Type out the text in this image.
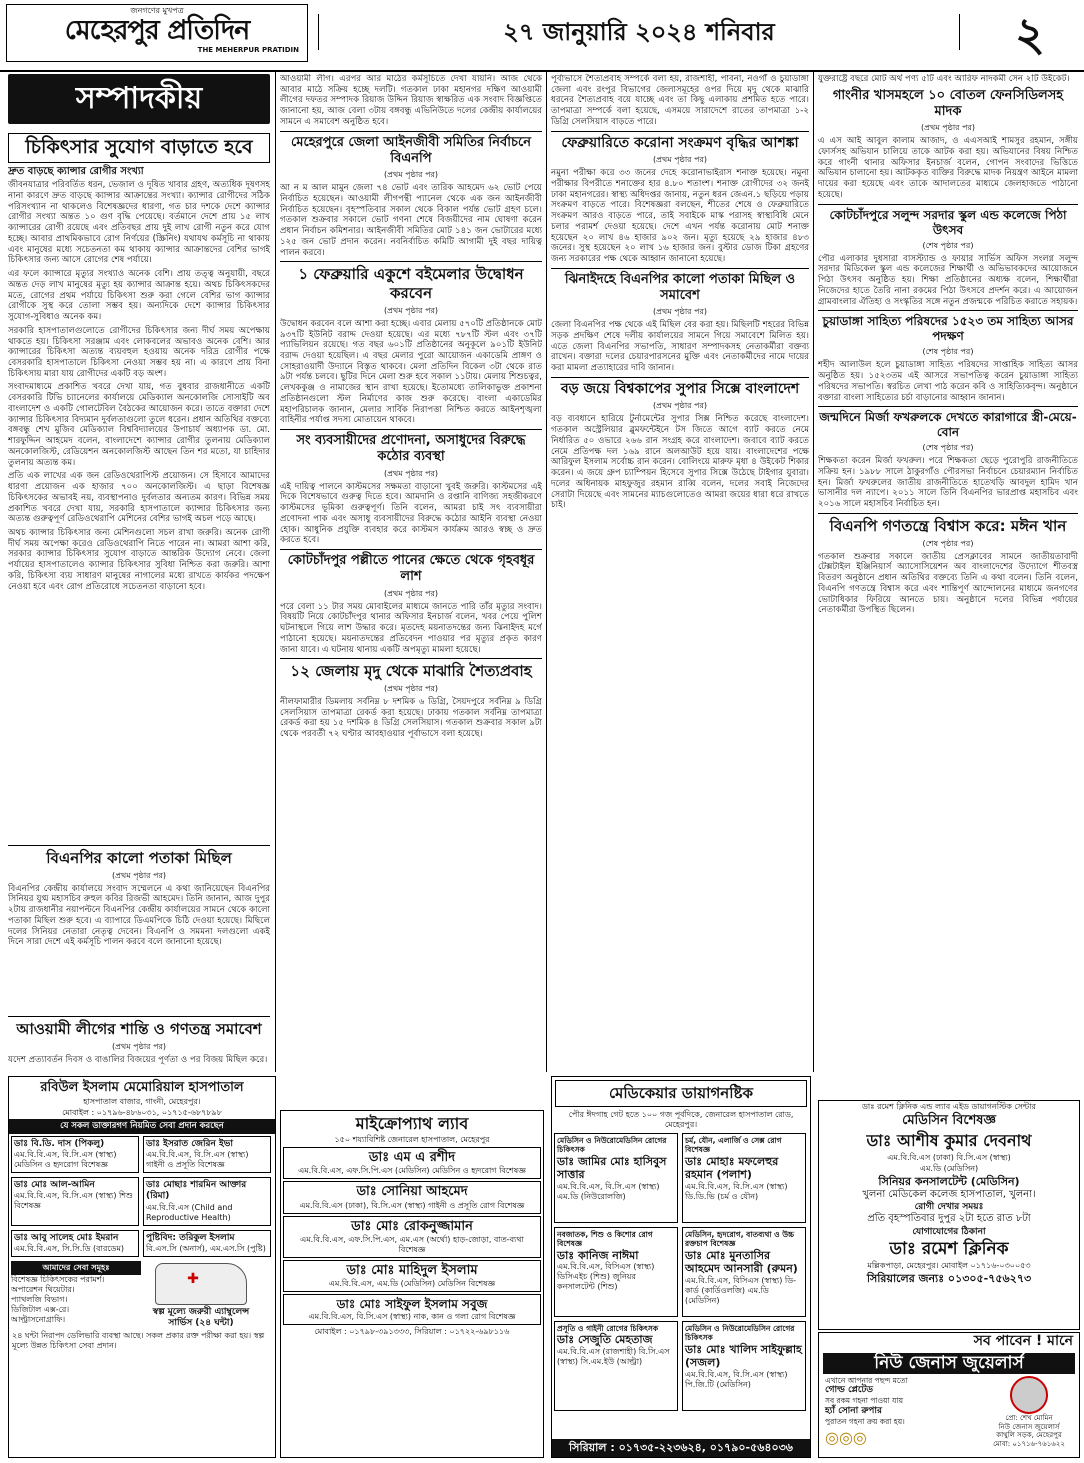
জনগণের মুখপত্র
মেহেরপুর প্রতিদিন
THE MEHERPUR PRATIDIN
২৭ জানুয়ারি ২০২৪ শনিবার	২
সম্পাদকীয়
চিকিৎসার সুযোগ বাড়াতে হবে
দ্রুত বাড়ছে ক্যান্সার রোগীর সংখ্যা

জীবনযাত্রার পরিবর্তিত ধরন, ভেজাল ও দূষিত খাবার গ্রহণ, অত্যধিক দূষণসহ নানা কারণে দ্রুত বাড়ছে ক্যান্সার আক্রান্তের সংখ্যা। ক্যান্সার রোগীদের সঠিক পরিসংখ্যান না থাকলেও বিশেষজ্ঞদের ধারণা, গত চার দশকে দেশে ক্যান্সার রোগীর সংখ্যা অন্তত ১০ গুণ বৃদ্ধি পেয়েছে। বর্তমানে দেশে প্রায় ১৫ লাখ ক্যান্সারের রোগী রয়েছে এবং প্রতিবছর প্রায় দুই লাখ রোগী নতুন করে যোগ হচ্ছে। আবার প্রাথমিকভাবে রোগ নির্ণয়ের (স্ক্রিনিং) যথাযথ কর্মসূচি না থাকায় এবং মানুষের মধ্যে সচেতনতা কম থাকায় ক্যান্সার আক্রান্তদের বেশির ভাগই চিকিৎসার জন্য আসে রোগের শেষ পর্যায়ে।

এর ফলে ক্যান্সারে মৃত্যুর সংখ্যাও অনেক বেশি। প্রায় তত্ত্ব অনুযায়ী, বছরে অন্তত দেড় লাখ মানুষের মৃত্যু হয় ক্যান্সার আক্রান্ত হয়ে। অথচ চিকিৎসকদের মতে, রোগের প্রথম পর্যায়ে চিকিৎসা শুরু করা গেলে বেশির ভাগ ক্যান্সার রোগীকে সুস্থ করে তোলা সম্ভব হয়। অন্যদিকে দেশে ক্যান্সার চিকিৎসার সুযোগ-সুবিধাও অনেক কম।

সরকারি হাসপাতালগুলোতে রোগীদের চিকিৎসার জন্য দীর্ঘ সময় অপেক্ষায় থাকতে হয়। চিকিৎসা সরঞ্জাম এবং লোকবলের অভাবও অনেক বেশি। আর ক্যান্সারের চিকিৎসা অত্যন্ত ব্যয়বহুল হওয়ায় অনেক দরিদ্র রোগীর পক্ষে বেসরকারি হাসপাতালে চিকিৎসা নেওয়া সম্ভব হয় না। এ কারণে প্রায় বিনা চিকিৎসায় মারা যায় রোগীদের একটি বড় অংশ।

সংবাদমাধ্যমে প্রকাশিত খবরে দেখা যায়, গত বুধবার রাজধানীতে একটি বেসরকারি টিভি চ্যানেলের কার্যালয়ে মেডিক্যাল অনকোলজি সোসাইটি অব বাংলাদেশ ও একটি গোলটেবিল বৈঠকের আয়োজন করে। তাতে বক্তারা দেশে ক্যান্সার চিকিৎসার বিদ্যমান দুর্বলতাগুলো তুলে ধরেন। প্রধান অতিথির বক্তব্যে বঙ্গবন্ধু শেখ মুজিব মেডিক্যাল বিশ্ববিদ্যালয়ের উপাচার্য অধ্যাপক ডা. মো. শারফুদ্দিন আহমেদ বলেন, বাংলাদেশে ক্যান্সার রোগীর তুলনায় মেডিক্যাল অনকোলজিস্ট, রেডিয়েশন অনকোলজিস্ট আছেন তিন শর মতো, যা চাহিদার তুলনায় অত্যন্ত কম।

প্রতি এক লাখের এক জন রেডিওথেরাপিস্ট প্রয়োজন। সে হিসাবে আমাদের ধারণা প্রয়োজন এক হাজার ৭০০ অনকোলজিস্ট। এ ছাড়া বিশেষজ্ঞ চিকিৎসকের অভাবই নয়, ব্যবস্থাপনাও দুর্বলতার অন্যতম কারণ। বিভিন্ন সময় প্রকাশিত খবরে দেখা যায়, সরকারি হাসপাতালে ক্যান্সার চিকিৎসার জন্য অত্যন্ত গুরুত্বপূর্ণ রেডিওথেরাপি মেশিনের বেশির ভাগই অচল পড়ে আছে।

অথচ ক্যান্সার চিকিৎসার জন্য মেশিনগুলো সচল রাখা জরুরি। অনেক রোগী দীর্ঘ সময় অপেক্ষা করেও রেডিওথেরাপি নিতে পারেন না। আমরা আশা করি, সরকার ক্যান্সার চিকিৎসার সুযোগ বাড়াতে আন্তরিক উদ্যোগ নেবে। জেলা পর্যায়ের হাসপাতালেও ক্যান্সার চিকিৎসার সুবিধা নিশ্চিত করা জরুরি। আশা করি, চিকিৎসা ব্যয় সাধারণ মানুষের নাগালের মধ্যে রাখতে কার্যকর পদক্ষেপ নেওয়া হবে এবং রোগ প্রতিরোধে সচেতনতা বাড়ানো হবে।

বিএনপির কালো পতাকা মিছিল
(প্রথম পৃষ্ঠার পর)

বিএনপির কেন্দ্রীয় কার্যালয়ে সংবাদ সম্মেলনে এ কথা জানিয়েছেন বিএনপির সিনিয়র যুগ্ম মহাসচিব রুহুল কবির রিজভী আহমেদ। তিনি জানান, আজ দুপুর ২টায় রাজধানীর নয়াপল্টনে বিএনপির কেন্দ্রীয় কার্যালয়ের সামনে থেকে কালো পতাকা মিছিল শুরু হবে। এ ব্যাপারে ডিএমপিকে চিঠি দেওয়া হয়েছে। মিছিলে দলের সিনিয়র নেতারা নেতৃত্ব দেবেন। বিএনপি ও সমমনা দলগুলো একই দিনে সারা দেশে এই কর্মসূচি পালন করবে বলে জানানো হয়েছে।

আওয়ামী লীগের শান্তি ও গণতন্ত্র সমাবেশ
(প্রথম পৃষ্ঠার পর)

যদেশ প্রত্যাবর্তন দিবস ও বাঙালির বিজয়ের পূর্ণতা ও পর বিজয় মিছিল করে।

আওয়ামী লীগ। এরপর আর মাঠের কর্মসূচিতে দেখা যায়নি। আজ থেকে আবার মাঠে সক্রিয় হচ্ছে দলটি। গতকাল ঢাকা মহানগর দক্ষিণ আওয়ামী লীগের দফতর সম্পাদক রিয়াজ উদ্দিন রিয়াজ স্বাক্ষরিত এক সংবাদ বিজ্ঞপ্তিতে জানানো হয়, আজ বেলা ৩টায় বঙ্গবন্ধু এভিনিউতে দলের কেন্দ্রীয় কার্যালয়ের সামনে এ সমাবেশ অনুষ্ঠিত হবে।

মেহেরপুরে জেলা আইনজীবী সমিতির নির্বাচনে বিএনপি
(প্রথম পৃষ্ঠার পর)

আ ন ম আল মামুন জেলা ৭৪ ভোট এবং তারিক আহমেদ ৬২ ভোট পেয়ে নির্বাচিত হয়েছেন। আওয়ামী লীগপন্থী প্যানেল থেকে এক জন আইনজীবী নির্বাচিত হয়েছেন। বৃহস্পতিবার সকাল থেকে বিকাল পর্যন্ত ভোট গ্রহণ চলে। গতকাল শুক্রবার সকালে ভোট গণনা শেষে বিজয়ীদের নাম ঘোষণা করেন প্রধান নির্বাচন কমিশনার। আইনজীবী সমিতির মোট ১৪১ জন ভোটারের মধ্যে ১২৫ জন ভোট প্রদান করেন। নবনির্বাচিত কমিটি আগামী দুই বছর দায়িত্ব পালন করবে।

১ ফেব্রুয়ারি একুশে বইমেলার উদ্বোধন করবেন
(প্রথম পৃষ্ঠার পর)

উদ্বোধন করবেন বলে আশা করা হচ্ছে। এবার মেলায় ৫৭০টি প্রতিষ্ঠানকে মোট ৯৩৭টি ইউনিট বরাদ্দ দেওয়া হয়েছে। এর মধ্যে ৭৮৭টি স্টল এবং ৩৭টি প্যাভিলিয়ন রয়েছে। গত বছর ৬০১টি প্রতিষ্ঠানের অনুকূলে ৯০১টি ইউনিট বরাদ্দ দেওয়া হয়েছিল। এ বছর মেলার পুরো আয়োজন একাডেমি প্রাঙ্গণ ও সোহরাওয়ার্দী উদ্যানে বিস্তৃত থাকবে। মেলা প্রতিদিন বিকেল ৩টা থেকে রাত ৯টা পর্যন্ত চলবে। ছুটির দিনে মেলা শুরু হবে সকাল ১১টায়। মেলায় শিশুচত্বর, লেখককুঞ্জ ও নামাজের স্থান রাখা হয়েছে। ইতোমধ্যে তালিকাভুক্ত প্রকাশনা প্রতিষ্ঠানগুলো স্টল নির্মাণের কাজ শুরু করেছে। বাংলা একাডেমির মহাপরিচালক জানান, মেলার সার্বিক নিরাপত্তা নিশ্চিত করতে আইনশৃঙ্খলা বাহিনীর পর্যাপ্ত সদস্য মোতায়েন থাকবে।

সং ব্যবসায়ীদের প্রণোদনা, অসাধুদের বিরুদ্ধে কঠোর ব্যবস্থা
(প্রথম পৃষ্ঠার পর)

এই দায়িত্ব পালনে কাস্টমসের সক্ষমতা বাড়ানো খুবই জরুরি। কাস্টমসের এই দিকে বিশেষভাবে গুরুত্ব দিতে হবে। আমদানি ও রপ্তানি বাণিজ্য সহজীকরণে কাস্টমসের ভূমিকা গুরুত্বপূর্ণ। তিনি বলেন, আমরা চাই সৎ ব্যবসায়ীরা প্রণোদনা পাক এবং অসাধু ব্যবসায়ীদের বিরুদ্ধে কঠোর আইনি ব্যবস্থা নেওয়া হোক। আধুনিক প্রযুক্তি ব্যবহার করে কাস্টমস কার্যক্রম আরও স্বচ্ছ ও দ্রুত করতে হবে।

কোটচাঁদপুর পল্লীতে পানের ক্ষেতে থেকে গৃহবধূর লাশ
(প্রথম পৃষ্ঠার পর)

পরে বেলা ১১ টার সময় মোবাইলের মাধ্যমে জানতে পারি তাঁর মৃত্যুর সংবাদ। বিষয়টি নিয়ে কোটচাঁদপুর থানার অফিসার ইনচার্জ বলেন, খবর পেয়ে পুলিশ ঘটনাস্থলে গিয়ে লাশ উদ্ধার করে। মৃতদেহ ময়নাতদন্তের জন্য ঝিনাইদহ মর্গে পাঠানো হয়েছে। ময়নাতদন্তের প্রতিবেদন পাওয়ার পর মৃত্যুর প্রকৃত কারণ জানা যাবে। এ ঘটনায় থানায় একটি অপমৃত্যু মামলা হয়েছে।

১২ জেলায় মৃদু থেকে মাঝারি শৈত্যপ্রবাহ
(প্রথম পৃষ্ঠার পর)

নীলফামারীর ডিমলায় সর্বনিম্ন ৮ দশমিক ৬ ডিগ্রি, সৈয়দপুরে সর্বনিম্ন ৯ ডিগ্রি সেলসিয়াস তাপমাত্রা রেকর্ড করা হয়েছে। ঢাকায় গতকাল সর্বনিম্ন তাপমাত্রা রেকর্ড করা হয় ১৫ দশমিক ৪ ডিগ্রি সেলসিয়াস। গতকাল শুক্রবার সকাল ৯টা থেকে পরবর্তী ৭২ ঘণ্টার আবহাওয়ার পূর্বাভাসে বলা হয়েছে।

পূর্বাভাসে শৈত্যপ্রবাহ সম্পর্কে বলা হয়, রাজশাহী, পাবনা, নওগাঁ ও চুয়াডাঙ্গা জেলা এবং রংপুর বিভাগের জেলাসমূহের ওপর দিয়ে মৃদু থেকে মাঝারি ধরনের শৈত্যপ্রবাহ বয়ে যাচ্ছে এবং তা কিছু এলাকায় প্রশমিত হতে পারে। তাপমাত্রা সম্পর্কে বলা হয়েছে, এসময়ে সারাদেশে রাতের তাপমাত্রা ১-২ ডিগ্রি সেলসিয়াস বাড়তে পারে।

ফেব্রুয়ারিতে করোনা সংক্রমণ বৃদ্ধির আশঙ্কা
(প্রথম পৃষ্ঠার পর)

নমুনা পরীক্ষা করে ৩৩ জনের দেহে করোনাভাইরাস শনাক্ত হয়েছে। নমুনা পরীক্ষার বিপরীতে শনাক্তের হার ৪.৮০ শতাংশ। শনাক্ত রোগীদের ৩২ জনই ঢাকা মহানগরের। স্বাস্থ্য অধিদপ্তর জানায়, নতুন ধরন জেএন.১ ছড়িয়ে পড়ায় সংক্রমণ বাড়তে পারে। বিশেষজ্ঞরা বলছেন, শীতের শেষে ও ফেব্রুয়ারিতে সংক্রমণ আরও বাড়তে পারে, তাই সবাইকে মাস্ক পরাসহ স্বাস্থ্যবিধি মেনে চলার পরামর্শ দেওয়া হয়েছে। দেশে এখন পর্যন্ত করোনায় মোট শনাক্ত হয়েছেন ২০ লাখ ৪৬ হাজার ৯০২ জন। মৃত্যু হয়েছে ২৯ হাজার ৪৮৩ জনের। সুস্থ হয়েছেন ২০ লাখ ১৬ হাজার জন। বুস্টার ডোজ টিকা গ্রহণের জন্য সরকারের পক্ষ থেকে আহ্বান জানানো হয়েছে।

ঝিনাইদহে বিএনপির কালো পতাকা মিছিল ও সমাবেশ
(প্রথম পৃষ্ঠার পর)

জেলা বিএনপির পক্ষ থেকে এই মিছিল বের করা হয়। মিছিলটি শহরের বিভিন্ন সড়ক প্রদক্ষিণ শেষে দলীয় কার্যালয়ের সামনে গিয়ে সমাবেশে মিলিত হয়। এতে জেলা বিএনপির সভাপতি, সাধারণ সম্পাদকসহ নেতাকর্মীরা বক্তব্য রাখেন। বক্তারা দলের চেয়ারপারসনের মুক্তি এবং নেতাকর্মীদের নামে দায়ের করা মামলা প্রত্যাহারের দাবি জানান।

বড় জয়ে বিশ্বকাপের সুপার সিক্সে বাংলাদেশ
(প্রথম পৃষ্ঠার পর)

বড় ব্যবধানে হারিয়ে টুর্নামেন্টের সুপার সিক্স নিশ্চিত করেছে বাংলাদেশ। গতকাল অস্ট্রেলিয়ার ব্লুমফন্টেইনে টস জিতে আগে ব্যাট করতে নেমে নির্ধারিত ৫০ ওভারে ২৬৬ রান সংগ্রহ করে বাংলাদেশ। জবাবে ব্যাট করতে নেমে প্রতিপক্ষ দল ১৬৯ রানে অলআউট হয়ে যায়। বাংলাদেশের পক্ষে আরিফুল ইসলাম সর্বোচ্চ রান করেন। বোলিংয়ে মারুফ মৃধা ৪ উইকেট শিকার করেন। এ জয়ে গ্রুপ চ্যাম্পিয়ন হিসেবে সুপার সিক্সে উঠেছে টাইগার যুবারা। দলের অধিনায়ক মাহফুজুর রহমান রাব্বি বলেন, দলের সবাই নিজেদের সেরাটা দিয়েছে এবং সামনের ম্যাচগুলোতেও আমরা জয়ের ধারা ধরে রাখতে চাই।

যুক্তরাষ্ট্রে বছরে মোট অর্থ পণ্য ৫টি এবং আরিফ নাদকর্মী সেন ২টি উইকেট।

গাংনীর খাসমহলে ১০ বোতল ফেনসিডিলসহ মাদক
(প্রথম পৃষ্ঠার পর)

এ এস আই আবুল কালাম আজাদ, ও এএসআই শামসুর রহমান, সঙ্গীয় ফোর্সসহ অভিযান চালিয়ে তাকে আটক করা হয়। অভিযানের বিষয় নিশ্চিত করে গাংনী থানার অফিসার ইনচার্জ বলেন, গোপন সংবাদের ভিত্তিতে অভিযান চালানো হয়। আটককৃত ব্যক্তির বিরুদ্ধে মাদক নিয়ন্ত্রণ আইনে মামলা দায়ের করা হয়েছে এবং তাকে আদালতের মাধ্যমে জেলহাজতে পাঠানো হয়েছে।

কোটচাঁদপুরে সলুন্দ সরদার স্কুল এন্ড কলেজে পিঠা উৎসব
(শেষ পৃষ্ঠার পর)

পৌর এলাকার দুধসারা বাসস্ট্যান্ড ও ফায়ার সার্ভিস অফিস সংলগ্ন সলুন্দ সরদার মিডিকেল স্কুল এন্ড কলেজের শিক্ষার্থী ও অভিভাবকদের আয়োজনে পিঠা উৎসব অনুষ্ঠিত হয়। শিক্ষা প্রতিষ্ঠানের অধ্যক্ষ বলেন, শিক্ষার্থীরা নিজেদের হাতে তৈরি নানা রকমের পিঠা উৎসবে প্রদর্শন করে। এ আয়োজন গ্রামবাংলার ঐতিহ্য ও সংস্কৃতির সঙ্গে নতুন প্রজন্মকে পরিচিত করাতে সহায়ক।

চুয়াডাঙ্গা সাহিত্য পরিষদের ১৫২৩ তম সাহিত্য আসর পদক্ষণ
(শেষ পৃষ্ঠার পর)

শহীদ আলাউল হলে চুয়াডাঙ্গা সাহিত্য পরিষদের সাপ্তাহিক সাহিত্য আসর অনুষ্ঠিত হয়। ১৫২৩তম এই আসরে সভাপতিত্ব করেন চুয়াডাঙ্গা সাহিত্য পরিষদের সভাপতি। স্বরচিত লেখা পাঠ করেন কবি ও সাহিত্যিকবৃন্দ। অনুষ্ঠানে বক্তারা বাংলা সাহিত্যের চর্চা বাড়ানোর আহ্বান জানান।

জন্মদিনে মির্জা ফখরুলকে দেখতে কারাগারে স্ত্রী-মেয়ে-বোন
(শেষ পৃষ্ঠার পর)

শিক্ষকতা করেন মির্জা ফখরুল। পরে শিক্ষকতা ছেড়ে পুরোপুরি রাজনীতিতে সক্রিয় হন। ১৯৮৮ সালে ঠাকুরগাঁও পৌরসভা নির্বাচনে চেয়ারম্যান নির্বাচিত হন। মির্জা ফখরুলের জাতীয় রাজনীতিতে হাতেখড়ি আবদুল হামিদ খান ভাসানীর দল ন্যাপে। ২০১১ সালে তিনি বিএনপির ভারপ্রাপ্ত মহাসচিব এবং ২০১৬ সালে মহাসচিব নির্বাচিত হন।

বিএনপি গণতন্ত্রে বিশ্বাস করে: মঈন খান
(শেষ পৃষ্ঠার পর)

গতকাল শুক্রবার সকালে জাতীয় প্রেসক্লাবের সামনে জাতীয়তাবাদী টেক্সটাইল ইঞ্জিনিয়ার্স অ্যাসোসিয়েশন অব বাংলাদেশের উদ্যোগে শীতবস্ত্র বিতরণ অনুষ্ঠানে প্রধান অতিথির বক্তব্যে তিনি এ কথা বলেন। তিনি বলেন, বিএনপি গণতন্ত্রে বিশ্বাস করে এবং শান্তিপূর্ণ আন্দোলনের মাধ্যমে জনগণের ভোটাধিকার ফিরিয়ে আনতে চায়। অনুষ্ঠানে দলের বিভিন্ন পর্যায়ের নেতাকর্মীরা উপস্থিত ছিলেন।

রবিউল ইসলাম মেমোরিয়াল হাসপাতাল
হাসপাতাল বাজার, গাংনী, মেহেরপুর।
মোবাইল : ০১৭৯৬-৪৮৬০৩১, ০১৭১৫-৬৮৭৮৯৮
যে সকল ডাক্তারগণ নিয়মিত সেবা প্রদান করছেন
ডাঃ বি.ডি. দাস (পিকলু)
এম.বি.বি.এস, বি.সি.এস (স্বাস্থ্য) মেডিসিন ও হৃদরোগ বিশেষজ্ঞ
ডাঃ ইসরাত জেরিন ইভা
এম.বি.বি.এস, বি.সি.এস (স্বাস্থ্য) গাইনী ও প্রসূতি বিশেষজ্ঞ
ডাঃ মোঃ আল-আমিন
এম.বি.বি.এস, বি.সি.এস (স্বাস্থ্য) শিশু বিশেষজ্ঞ
ডাঃ মোছাঃ শারমিন আক্তার (রিমা)
এম.বি.বি.এস (Child and Reproductive Health)
ডাঃ আবু সালেহ মোঃ ইমরান
এম.বি.বি.এস, সি.সি.ডি (বারডেম)
পুষ্টিবিদ: তরিকুল ইসলাম
বি.এস.সি (অনার্স), এম.এস.সি (পুষ্টি)
আমাদের সেবা সমূহঃ
বিশেষজ্ঞ চিকিৎসকের পরামর্শ।
অপারেশন থিয়েটার।
প্যাথলজি বিভাগ।
ডিজিটাল এক্স-রে।
আল্ট্রাসনোগ্রাফি।
✚
স্বল্প মূল্যে জরুরী এ্যাম্বুলেন্স সার্ভিস (২৪ ঘন্টা)
২৪ ঘন্টা নিরাপদ ডেলিভারি ব্যবস্থা আছে। সকল প্রকার রক্ত পরীক্ষা করা হয়। স্বল্প মূল্যে উন্নত চিকিৎসা সেবা প্রদান।
মাইক্রোপ্যাথ ল্যাব
১৫০ শয্যাবিশিষ্ট জেনারেল হাসপাতাল, মেহেরপুর
ডাঃ এম এ রশীদ
এম.বি.বি.এস, এফ.সি.পি.এস (মেডিসিন) মেডিসিন ও হৃদরোগ বিশেষজ্ঞ
ডাঃ সোনিয়া আহমেদ
এম.বি.বি.এস (ঢাকা), বি.সি.এস (স্বাস্থ্য) গাইনী ও প্রসূতি রোগ বিশেষজ্ঞ
ডাঃ মোঃ রোকনুজ্জামান
এম.বি.বি.এস, এফ.সি.পি.এস, এম.এস (অর্থো) হাড়-জোড়া, বাত-ব্যথা বিশেষজ্ঞ
ডাঃ মোঃ মাহিদুল ইসলাম
এম.বি.বি.এস, এম.ডি (মেডিসিন) মেডিসিন বিশেষজ্ঞ
ডাঃ মোঃ সাইফুল ইসলাম সবুজ
এম.বি.বি.এস, বি.সি.এস (স্বাস্থ্য) নাক, কান ও গলা রোগ বিশেষজ্ঞ
মোবাইল : ০১৭৯৮-৩৯১৩৩৩, সিরিয়াল : ০১৭২২-৬৯৮১১৬
মেডিকেয়ার ডায়াগনষ্টিক
পৌর ঈদগাহ গেট হতে ১০০ গজ পূর্বদিকে, জেনারেল হাসপাতাল রোড, মেহেরপুর।
মেডিসিন ও নিউরোমেডিসিন রোগের চিকিৎসক
ডাঃ জামির মোঃ হাসিবুস সাত্তার
এম.বি.বি.এস, বি.সি.এস (স্বাস্থ্য) এম.ডি (নিউরোলজি)
চর্ম, যৌন, এলার্জি ও সেক্স রোগ বিশেষজ্ঞ
ডাঃ মোহাঃ মফলেহুর রহমান (পলাশ)
এম.বি.বি.এস, বি.সি.এস (স্বাস্থ্য) ডি.ডি.ভি (চর্ম ও যৌন)
নবজাতক, শিশু ও কিশোর রোগ বিশেষজ্ঞ
ডাঃ কানিজ নাঈমা
এম.বি.বি.এস, বিসিএস (স্বাস্থ্য) ডিসিএইচ (শিশু) জুনিয়র কনসালটেন্ট (শিশু)
মেডিসিন, হৃদরোগ, বাতব্যথা ও উচ্চ রক্তচাপ বিশেষজ্ঞ
ডাঃ মোঃ মুনতাসির আহমেদ আনসারী (রুমন)
এম.বি.বি.এস, বিসিএস (স্বাস্থ্য) ডি-কার্ড (কার্ডিওলজি) এম.ডি (মেডিসিন)
প্রসূতি ও গাইনী রোগের চিকিৎসক
ডাঃ সেজুতি মেহতাজ
এম.বি.বি.এস (রাজশাহী) বি.সি.এস (স্বাস্থ্য) সি.এম.ইউ (আল্ট্রা)
মেডিসিন ও নিউরোমেডিসিন রোগের চিকিৎসক
ডাঃ মোঃ খালিদ সাইফুল্লাহ (সজল)
এম.বি.বি.এস, বি.সি.এস (স্বাস্থ্য) পি.জি.টি (মেডিসিন)
সিরিয়াল : ০১৭৩৫-২২৩৬২৪, ০১৭৯০-৫৬৪০৩৬
ডাঃ রমেশ ক্লিনিক এন্ড ল্যাব এইড ডায়াগনস্টিক সেন্টার
মেডিসিন বিশেষজ্ঞ
ডাঃ আশীষ কুমার দেবনাথ
এম.বি.বি.এস (ঢাকা) বি.সি.এস (স্বাস্থ্য)
এম.ডি (মেডিসিন)
সিনিয়র কনসালটেন্ট (মেডিসিন)
খুলনা মেডিকেল কলেজ হাসপাতাল, খুলনা।
রোগী দেখার সময়ঃ
প্রতি বৃহস্পতিবার দুপুর ২টা হতে রাত ৮টা
যোগাযোগের ঠিকানা
ডাঃ রমেশ ক্লিনিক
মল্লিকপাড়া, মেহেরপুর। মোবাইল ০১৭১৬-০৩০০৫৩
সিরিয়ালের জন্যঃ ০১৩০৫-৭৫৬২৭৩
সব পাবেন ! মানে
নিউ জেনাস জুয়েলার্স
এখানে আপনার পছন্দ মতো
গোল্ড প্লেটেড
সব রকম গহনা পাওয়া যায়
হ্যাঁ সোনা রুপার
পুরাতন গহনা ক্রয় করা হয়।
◎◎◎
প্রো: শেখ মোমিন
নিউ জেনাস জুয়েলার্স
কাথুলি সড়ক, মেহেরপুর
মোবা: ০১৭১৬-৭৬১৬২২
